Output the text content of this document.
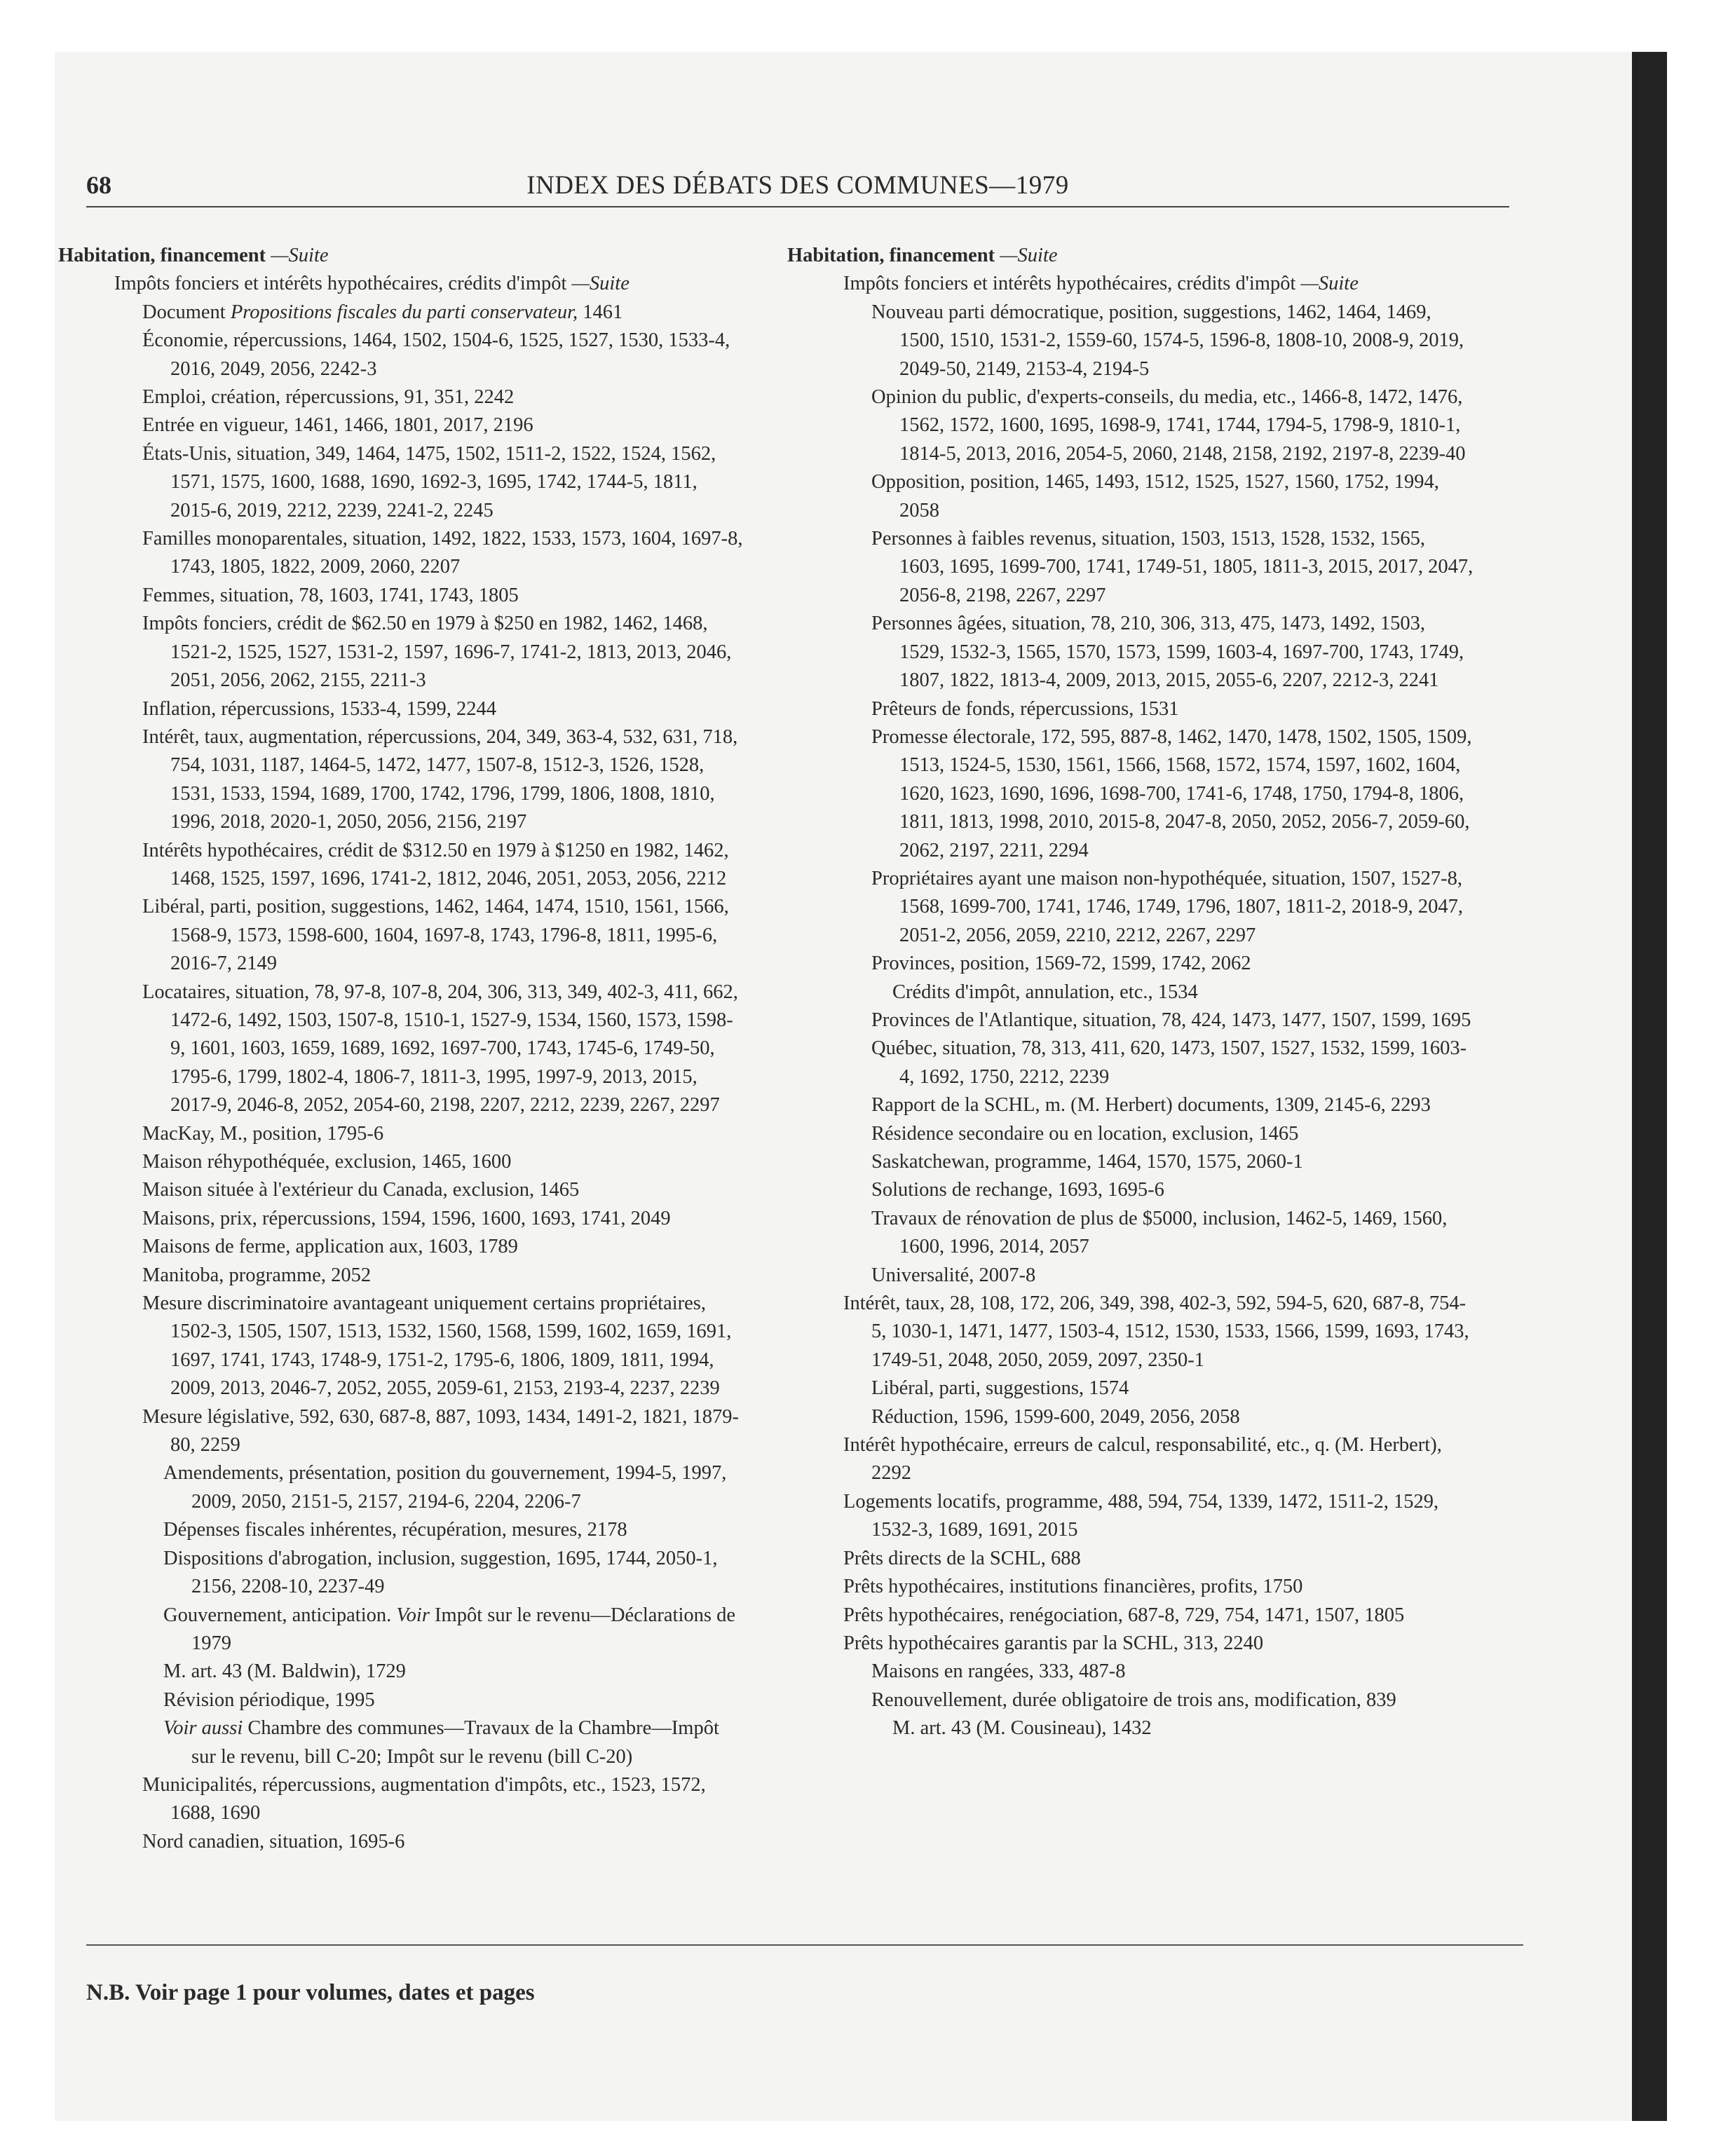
68	INDEX DES DÉBATS DES COMMUNES—1979
Habitation, financement —Suite
Impôts fonciers et intérêts hypothécaires, crédits d'impôt —Suite
Document Propositions fiscales du parti conservateur, 1461
Économie, répercussions, 1464, 1502, 1504-6, 1525, 1527, 1530, 1533-4, 2016, 2049, 2056, 2242-3
Emploi, création, répercussions, 91, 351, 2242
Entrée en vigueur, 1461, 1466, 1801, 2017, 2196
États-Unis, situation, 349, 1464, 1475, 1502, 1511-2, 1522, 1524, 1562, 1571, 1575, 1600, 1688, 1690, 1692-3, 1695, 1742, 1744-5, 1811, 2015-6, 2019, 2212, 2239, 2241-2, 2245
Familles monoparentales, situation, 1492, 1822, 1533, 1573, 1604, 1697-8, 1743, 1805, 1822, 2009, 2060, 2207
Femmes, situation, 78, 1603, 1741, 1743, 1805
Impôts fonciers, crédit de $62.50 en 1979 à $250 en 1982, 1462, 1468, 1521-2, 1525, 1527, 1531-2, 1597, 1696-7, 1741-2, 1813, 2013, 2046, 2051, 2056, 2062, 2155, 2211-3
Inflation, répercussions, 1533-4, 1599, 2244
Intérêt, taux, augmentation, répercussions, 204, 349, 363-4, 532, 631, 718, 754, 1031, 1187, 1464-5, 1472, 1477, 1507-8, 1512-3, 1526, 1528, 1531, 1533, 1594, 1689, 1700, 1742, 1796, 1799, 1806, 1808, 1810, 1996, 2018, 2020-1, 2050, 2056, 2156, 2197
Intérêts hypothécaires, crédit de $312.50 en 1979 à $1250 en 1982, 1462, 1468, 1525, 1597, 1696, 1741-2, 1812, 2046, 2051, 2053, 2056, 2212
Libéral, parti, position, suggestions, 1462, 1464, 1474, 1510, 1561, 1566, 1568-9, 1573, 1598-600, 1604, 1697-8, 1743, 1796-8, 1811, 1995-6, 2016-7, 2149
Locataires, situation, 78, 97-8, 107-8, 204, 306, 313, 349, 402-3, 411, 662, 1472-6, 1492, 1503, 1507-8, 1510-1, 1527-9, 1534, 1560, 1573, 1598-9, 1601, 1603, 1659, 1689, 1692, 1697-700, 1743, 1745-6, 1749-50, 1795-6, 1799, 1802-4, 1806-7, 1811-3, 1995, 1997-9, 2013, 2015, 2017-9, 2046-8, 2052, 2054-60, 2198, 2207, 2212, 2239, 2267, 2297
MacKay, M., position, 1795-6
Maison réhypothéquée, exclusion, 1465, 1600
Maison située à l'extérieur du Canada, exclusion, 1465
Maisons, prix, répercussions, 1594, 1596, 1600, 1693, 1741, 2049
Maisons de ferme, application aux, 1603, 1789
Manitoba, programme, 2052
Mesure discriminatoire avantageant uniquement certains propriétaires, 1502-3, 1505, 1507, 1513, 1532, 1560, 1568, 1599, 1602, 1659, 1691, 1697, 1741, 1743, 1748-9, 1751-2, 1795-6, 1806, 1809, 1811, 1994, 2009, 2013, 2046-7, 2052, 2055, 2059-61, 2153, 2193-4, 2237, 2239
Mesure législative, 592, 630, 687-8, 887, 1093, 1434, 1491-2, 1821, 1879-80, 2259
Amendements, présentation, position du gouvernement, 1994-5, 1997, 2009, 2050, 2151-5, 2157, 2194-6, 2204, 2206-7
Dépenses fiscales inhérentes, récupération, mesures, 2178
Dispositions d'abrogation, inclusion, suggestion, 1695, 1744, 2050-1, 2156, 2208-10, 2237-49
Gouvernement, anticipation. Voir Impôt sur le revenu—Déclarations de 1979
M. art. 43 (M. Baldwin), 1729
Révision périodique, 1995
Voir aussi Chambre des communes—Travaux de la Chambre—Impôt sur le revenu, bill C-20; Impôt sur le revenu (bill C-20)
Municipalités, répercussions, augmentation d'impôts, etc., 1523, 1572, 1688, 1690
Nord canadien, situation, 1695-6
Habitation, financement —Suite
Impôts fonciers et intérêts hypothécaires, crédits d'impôt —Suite
Nouveau parti démocratique, position, suggestions, 1462, 1464, 1469, 1500, 1510, 1531-2, 1559-60, 1574-5, 1596-8, 1808-10, 2008-9, 2019, 2049-50, 2149, 2153-4, 2194-5
Opinion du public, d'experts-conseils, du media, etc., 1466-8, 1472, 1476, 1562, 1572, 1600, 1695, 1698-9, 1741, 1744, 1794-5, 1798-9, 1810-1, 1814-5, 2013, 2016, 2054-5, 2060, 2148, 2158, 2192, 2197-8, 2239-40
Opposition, position, 1465, 1493, 1512, 1525, 1527, 1560, 1752, 1994, 2058
Personnes à faibles revenus, situation, 1503, 1513, 1528, 1532, 1565, 1603, 1695, 1699-700, 1741, 1749-51, 1805, 1811-3, 2015, 2017, 2047, 2056-8, 2198, 2267, 2297
Personnes âgées, situation, 78, 210, 306, 313, 475, 1473, 1492, 1503, 1529, 1532-3, 1565, 1570, 1573, 1599, 1603-4, 1697-700, 1743, 1749, 1807, 1822, 1813-4, 2009, 2013, 2015, 2055-6, 2207, 2212-3, 2241
Prêteurs de fonds, répercussions, 1531
Promesse électorale, 172, 595, 887-8, 1462, 1470, 1478, 1502, 1505, 1509, 1513, 1524-5, 1530, 1561, 1566, 1568, 1572, 1574, 1597, 1602, 1604, 1620, 1623, 1690, 1696, 1698-700, 1741-6, 1748, 1750, 1794-8, 1806, 1811, 1813, 1998, 2010, 2015-8, 2047-8, 2050, 2052, 2056-7, 2059-60, 2062, 2197, 2211, 2294
Propriétaires ayant une maison non-hypothéquée, situation, 1507, 1527-8, 1568, 1699-700, 1741, 1746, 1749, 1796, 1807, 1811-2, 2018-9, 2047, 2051-2, 2056, 2059, 2210, 2212, 2267, 2297
Provinces, position, 1569-72, 1599, 1742, 2062
Crédits d'impôt, annulation, etc., 1534
Provinces de l'Atlantique, situation, 78, 424, 1473, 1477, 1507, 1599, 1695
Québec, situation, 78, 313, 411, 620, 1473, 1507, 1527, 1532, 1599, 1603-4, 1692, 1750, 2212, 2239
Rapport de la SCHL, m. (M. Herbert) documents, 1309, 2145-6, 2293
Résidence secondaire ou en location, exclusion, 1465
Saskatchewan, programme, 1464, 1570, 1575, 2060-1
Solutions de rechange, 1693, 1695-6
Travaux de rénovation de plus de $5000, inclusion, 1462-5, 1469, 1560, 1600, 1996, 2014, 2057
Universalité, 2007-8
Intérêt, taux, 28, 108, 172, 206, 349, 398, 402-3, 592, 594-5, 620, 687-8, 754-5, 1030-1, 1471, 1477, 1503-4, 1512, 1530, 1533, 1566, 1599, 1693, 1743, 1749-51, 2048, 2050, 2059, 2097, 2350-1
Libéral, parti, suggestions, 1574
Réduction, 1596, 1599-600, 2049, 2056, 2058
Intérêt hypothécaire, erreurs de calcul, responsabilité, etc., q. (M. Herbert), 2292
Logements locatifs, programme, 488, 594, 754, 1339, 1472, 1511-2, 1529, 1532-3, 1689, 1691, 2015
Prêts directs de la SCHL, 688
Prêts hypothécaires, institutions financières, profits, 1750
Prêts hypothécaires, renégociation, 687-8, 729, 754, 1471, 1507, 1805
Prêts hypothécaires garantis par la SCHL, 313, 2240
Maisons en rangées, 333, 487-8
Renouvellement, durée obligatoire de trois ans, modification, 839
M. art. 43 (M. Cousineau), 1432
N.B. Voir page 1 pour volumes, dates et pages
